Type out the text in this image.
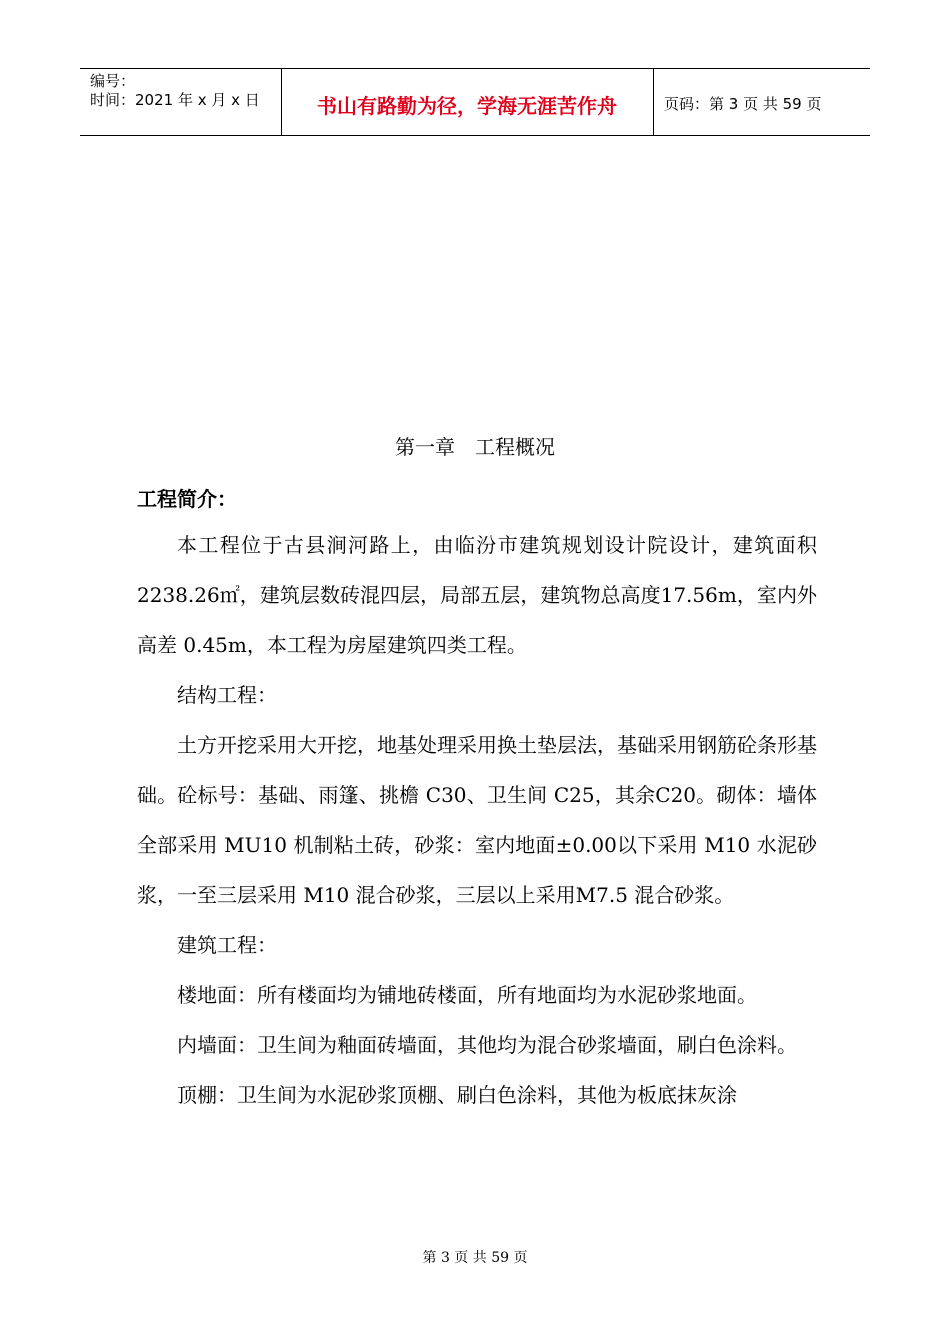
编号：
时间：2021 年 x 月 x 日	书山有路勤为径，学海无涯苦作舟	页码：第 3 页 共 59 页
第一章　工程概况
工程简介：

本工程位于古县涧河路上，由临汾市建筑规划设计院设计，建筑面积 2238.26㎡，建筑层数砖混四层，局部五层，建筑物总高度17.56m，室内外高差 0.45m，本工程为房屋建筑四类工程。

结构工程：

土方开挖采用大开挖，地基处理采用换土垫层法，基础采用钢筋砼条形基础。砼标号：基础、雨篷、挑檐 C30、卫生间 C25，其余C20。砌体：墙体全部采用 MU10 机制粘土砖，砂浆：室内地面±0.00以下采用 M10 水泥砂浆，一至三层采用 M10 混合砂浆，三层以上采用M7.5 混合砂浆。

建筑工程：

楼地面：所有楼面均为铺地砖楼面，所有地面均为水泥砂浆地面。

内墙面：卫生间为釉面砖墙面，其他均为混合砂浆墙面，刷白色涂料。

顶棚：卫生间为水泥砂浆顶棚、刷白色涂料，其他为板底抹灰涂

第 3 页 共 59 页
